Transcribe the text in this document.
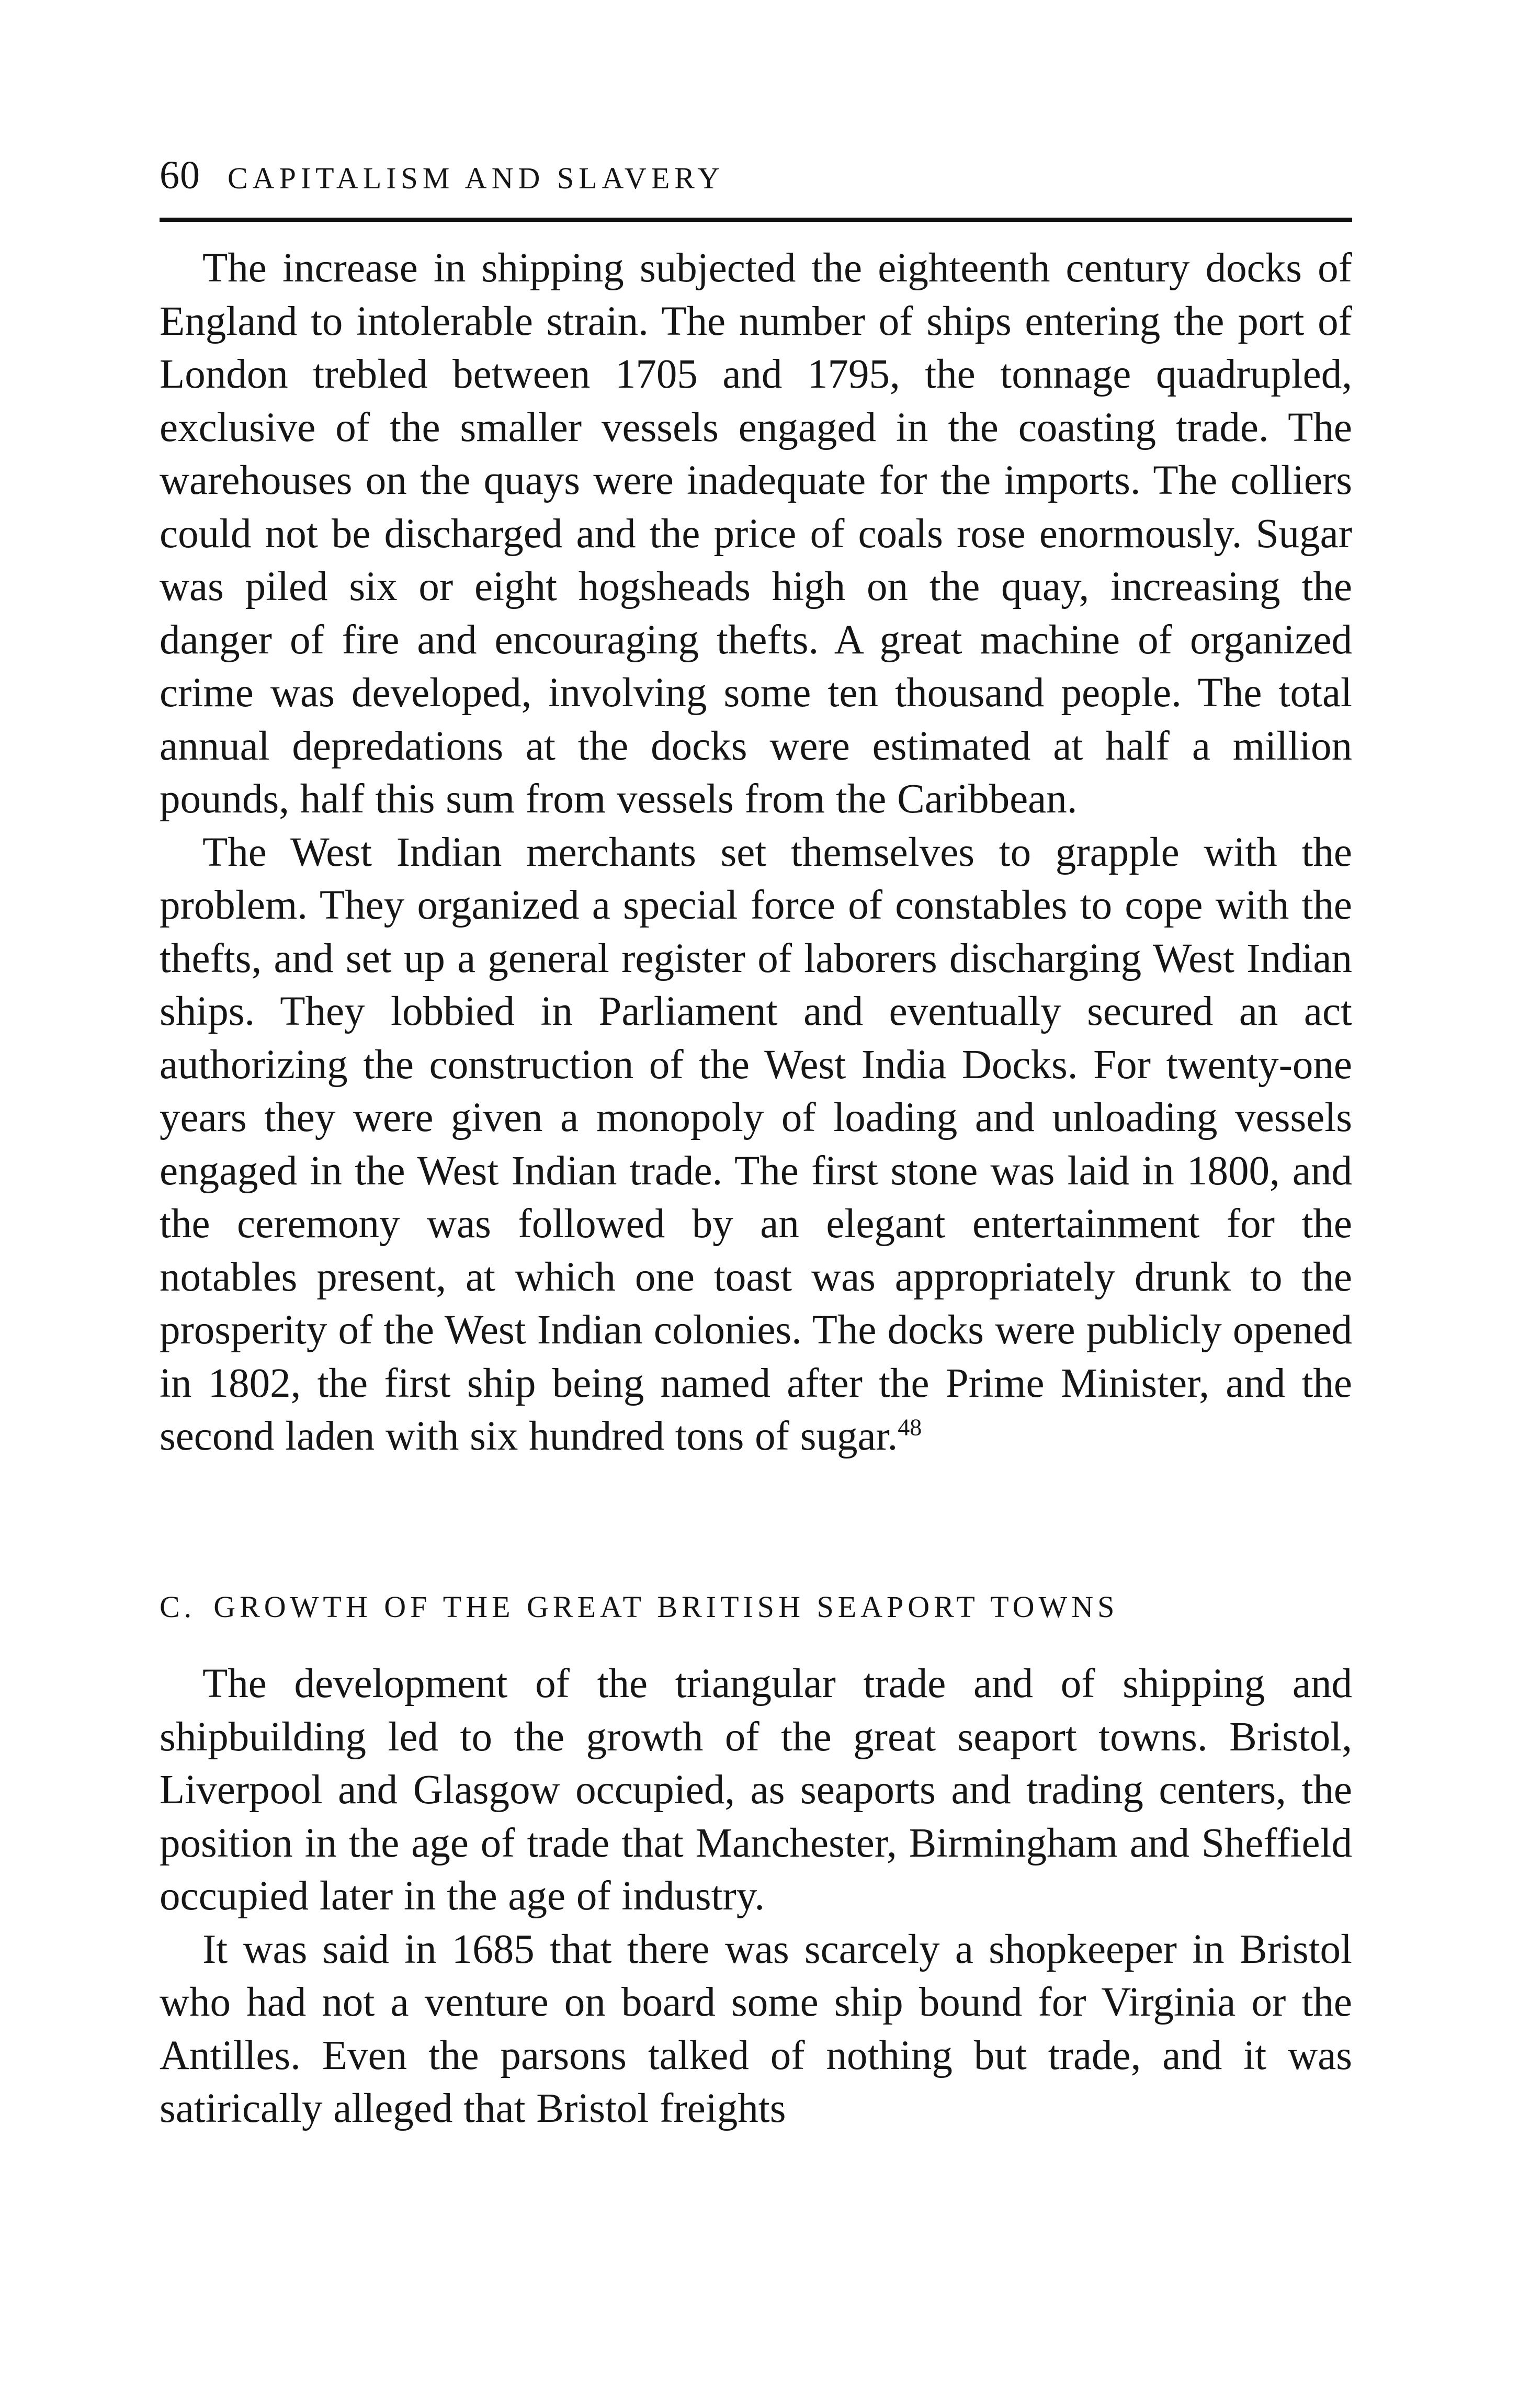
60 CAPITALISM AND SLAVERY

The increase in shipping subjected the eighteenth century docks of England to intolerable strain. The number of ships entering the port of London trebled between 1705 and 1795, the tonnage quadrupled, exclusive of the smaller vessels engaged in the coasting trade. The warehouses on the quays were inadequate for the imports. The colliers could not be discharged and the price of coals rose enormously. Sugar was piled six or eight hogsheads high on the quay, increasing the danger of fire and encouraging thefts. A great machine of organized crime was developed, involving some ten thousand people. The total annual depredations at the docks were estimated at half a million pounds, half this sum from vessels from the Caribbean.

The West Indian merchants set themselves to grapple with the problem. They organized a special force of constables to cope with the thefts, and set up a general register of laborers discharging West Indian ships. They lobbied in Parliament and eventually secured an act authorizing the construction of the West India Docks. For twenty-one years they were given a monopoly of loading and unloading vessels engaged in the West Indian trade. The first stone was laid in 1800, and the ceremony was followed by an elegant entertainment for the notables present, at which one toast was appropriately drunk to the prosperity of the West Indian colonies. The docks were publicly opened in 1802, the first ship being named after the Prime Minister, and the second laden with six hundred tons of sugar.$^{48}$

C. GROWTH OF THE GREAT BRITISH SEAPORT TOWNS

The development of the triangular trade and of shipping and shipbuilding led to the growth of the great seaport towns. Bristol, Liverpool and Glasgow occupied, as seaports and trading centers, the position in the age of trade that Manchester, Birmingham and Sheffield occupied later in the age of industry.

It was said in 1685 that there was scarcely a shopkeeper in Bristol who had not a venture on board some ship bound for Virginia or the Antilles. Even the parsons talked of nothing but trade, and it was satirically alleged that Bristol freights
